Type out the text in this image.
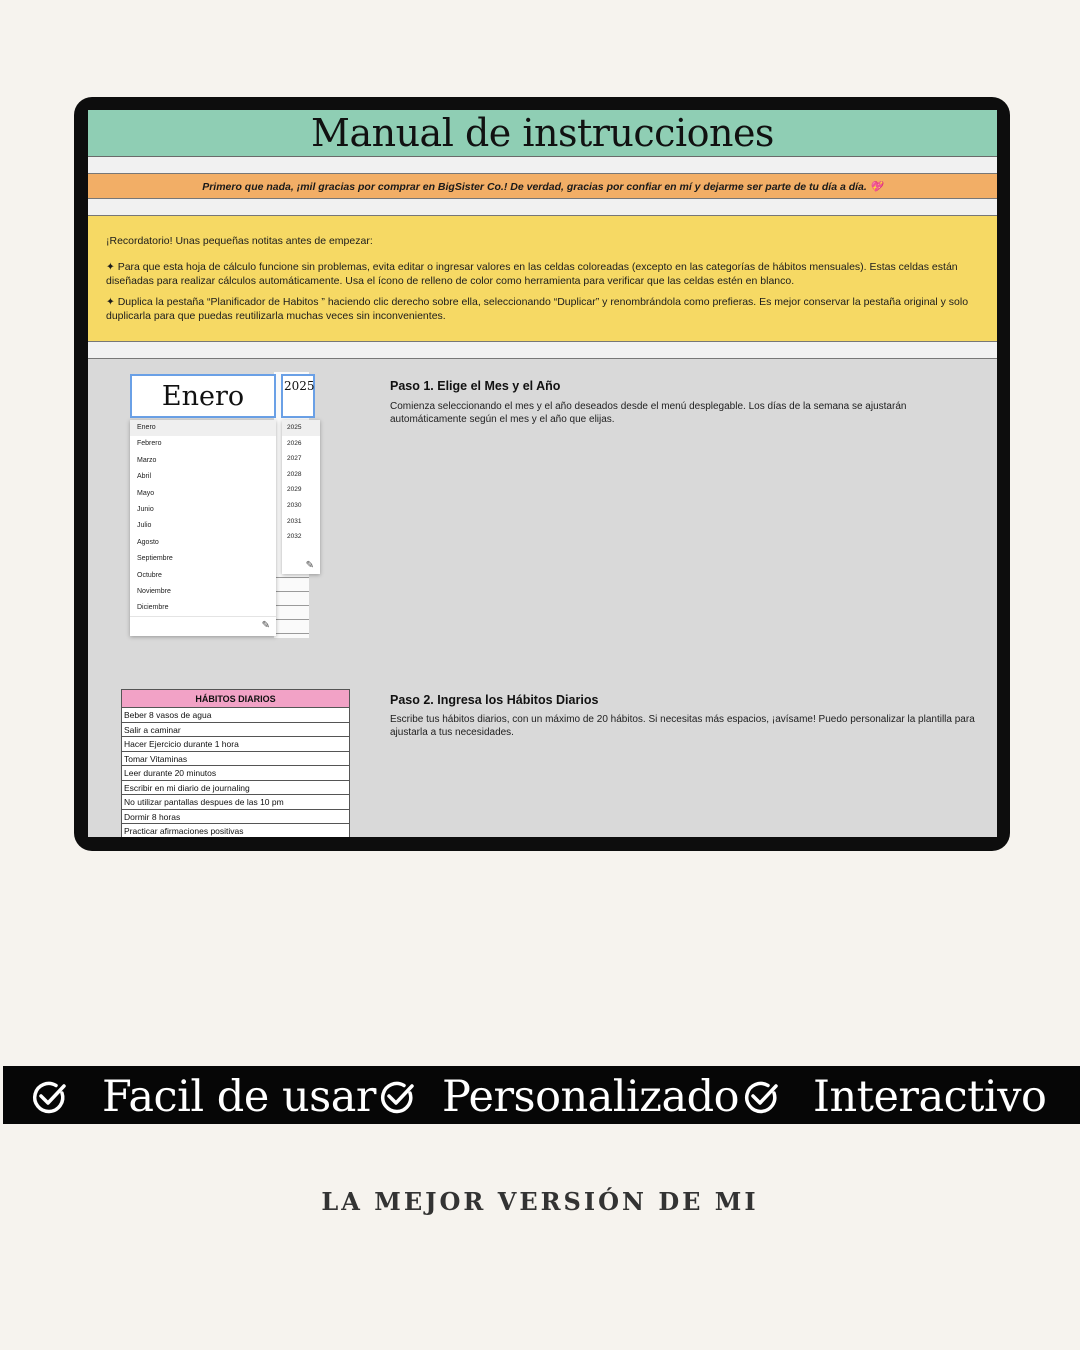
Manual de instrucciones
Primero que nada, ¡mil gracias por comprar en BigSister Co.! De verdad, gracias por confiar en mí y dejarme ser parte de tu día a día. 💖

¡Recordatorio! Unas pequeñas notitas antes de empezar:

✦ Para que esta hoja de cálculo funcione sin problemas, evita editar o ingresar valores en las celdas coloreadas (excepto en las categorías de hábitos mensuales). Estas celdas están diseñadas para realizar cálculos automáticamente. Usa el ícono de relleno de color como herramienta para verificar que las celdas estén en blanco.

✦ Duplica la pestaña “Planificador de Habitos ” haciendo clic derecho sobre ella, seleccionando “Duplicar” y renombrándola como prefieras. Es mejor conservar la pestaña original y solo duplicarla para que puedas reutilizarla muchas veces sin inconvenientes.

Enero	2025
Enero
Febrero
Marzo
Abril
Mayo
Junio
Julio
Agosto
Septiembre
Octubre
Noviembre
Diciembre
✎
2025
2026
2027
2028
2029
2030
2031
2032
✎
Paso 1. Elige el Mes y el Año
Comienza seleccionando el mes y el año deseados desde el menú desplegable. Los días de la semana se ajustarán automáticamente según el mes y el año que elijas.
HÁBITOS DIARIOS
Beber 8 vasos de agua
Salir a caminar
Hacer Ejercicio durante 1 hora
Tomar Vitaminas
Leer durante 20 minutos
Escribir en mi diario de journaling
No utilizar pantallas despues de las 10 pm
Dormir 8 horas
Practicar afirmaciones positivas
Paso 2. Ingresa los Hábitos Diarios
Escribe tus hábitos diarios, con un máximo de 20 hábitos. Si necesitas más espacios, ¡avísame! Puedo personalizar la plantilla para ajustarla a tus necesidades.
Facil de usar Personalizado Interactivo
LA MEJOR VERSIÓN DE MI
